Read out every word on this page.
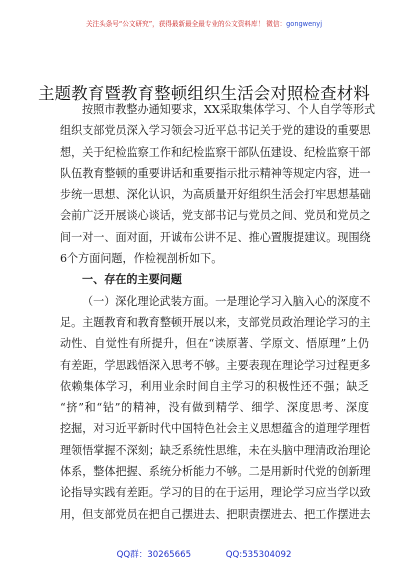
关注头条号“公文研究”，获得最新最全最专业的公文资料库！ 微信：gongwenyj
主题教育暨教育整顿组织生活会对照检查材料
按照市教整办通知要求，XX采取集体学习、个人自学等形式
组织支部党员深入学习领会习近平总书记关于党的建设的重要思
想，关于纪检监察工作和纪检监察干部队伍建设、纪检监察干部
队伍教育整顿的重要讲话和重要指示批示精神等规定内容，进一
步统一思想、深化认识，为高质量开好组织生活会打牢思想基础
会前广泛开展谈心谈话，党支部书记与党员之间、党员和党员之
间一对一、面对面，开诚布公讲不足、推心置腹提建议。现围绕
6个方面问题，作检视剖析如下。
一、存在的主要问题
（一）深化理论武装方面。一是理论学习入脑入心的深度不
足。主题教育和教育整顿开展以来，支部党员政治理论学习的主
动性、自觉性有所提升，但在“读原著、学原文、悟原理”上仍
有差距，学思践悟深入思考不够。主要表现在理论学习过程更多
依赖集体学习，利用业余时间自主学习的积极性还不强；缺乏
“挤”和“钻”的精神，没有做到精学、细学、深度思考、深度
挖掘，对习近平新时代中国特色社会主义思想蕴含的道理学理哲
理领悟掌握不深刻；缺乏系统性思维，未在头脑中理清政治理论
体系，整体把握、系统分析能力不够。二是用新时代党的创新理
论指导实践有差距。学习的目的在于运用，理论学习应当学以致
用，但支部党员在把自己摆进去、把职责摆进去、把工作摆进去
QQ群：30265665	QQ:535304092
